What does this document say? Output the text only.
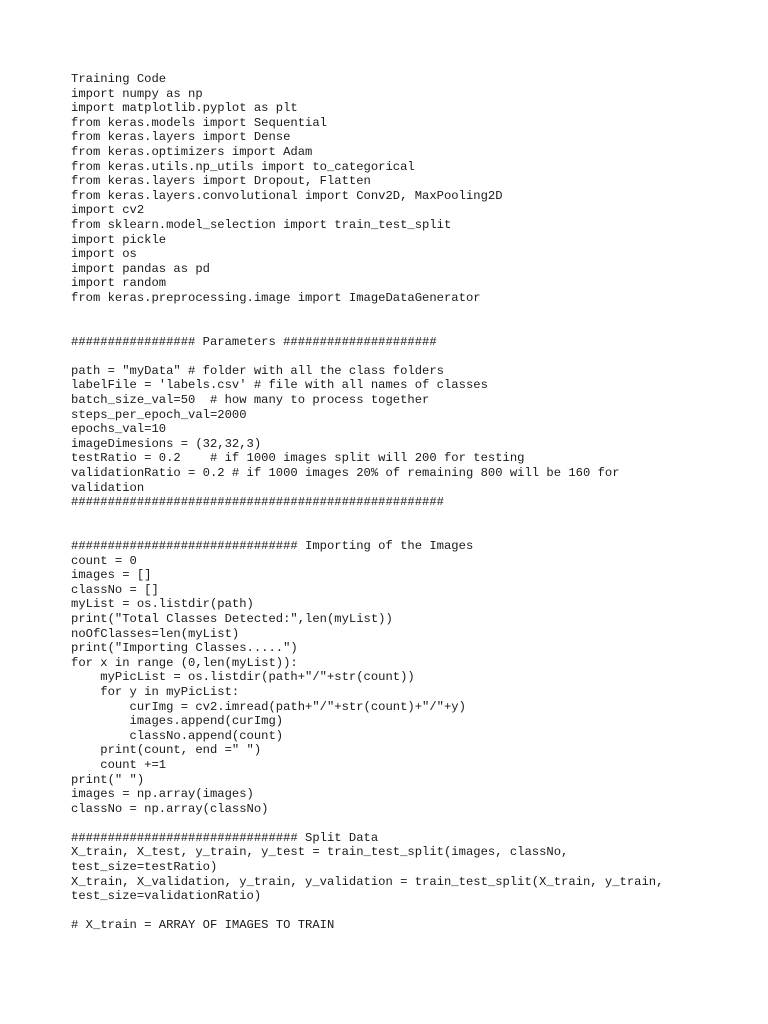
Training Code
import numpy as np
import matplotlib.pyplot as plt
from keras.models import Sequential
from keras.layers import Dense
from keras.optimizers import Adam
from keras.utils.np_utils import to_categorical
from keras.layers import Dropout, Flatten
from keras.layers.convolutional import Conv2D, MaxPooling2D
import cv2
from sklearn.model_selection import train_test_split
import pickle
import os
import pandas as pd
import random
from keras.preprocessing.image import ImageDataGenerator

################# Parameters #####################

path = "myData" # folder with all the class folders
labelFile = 'labels.csv' # file with all names of classes
batch_size_val=50  # how many to process together
steps_per_epoch_val=2000
epochs_val=10
imageDimesions = (32,32,3)
testRatio = 0.2    # if 1000 images split will 200 for testing
validationRatio = 0.2 # if 1000 images 20% of remaining 800 will be 160 for
validation
###################################################

############################### Importing of the Images
count = 0
images = []
classNo = []
myList = os.listdir(path)
print("Total Classes Detected:",len(myList))
noOfClasses=len(myList)
print("Importing Classes.....")
for x in range (0,len(myList)):
myPicList = os.listdir(path+"/"+str(count))
for y in myPicList:
curImg = cv2.imread(path+"/"+str(count)+"/"+y)
images.append(curImg)
classNo.append(count)
print(count, end =" ")
count +=1
print(" ")
images = np.array(images)
classNo = np.array(classNo)

############################### Split Data
X_train, X_test, y_train, y_test = train_test_split(images, classNo,
test_size=testRatio)
X_train, X_validation, y_train, y_validation = train_test_split(X_train, y_train,
test_size=validationRatio)

# X_train = ARRAY OF IMAGES TO TRAIN
